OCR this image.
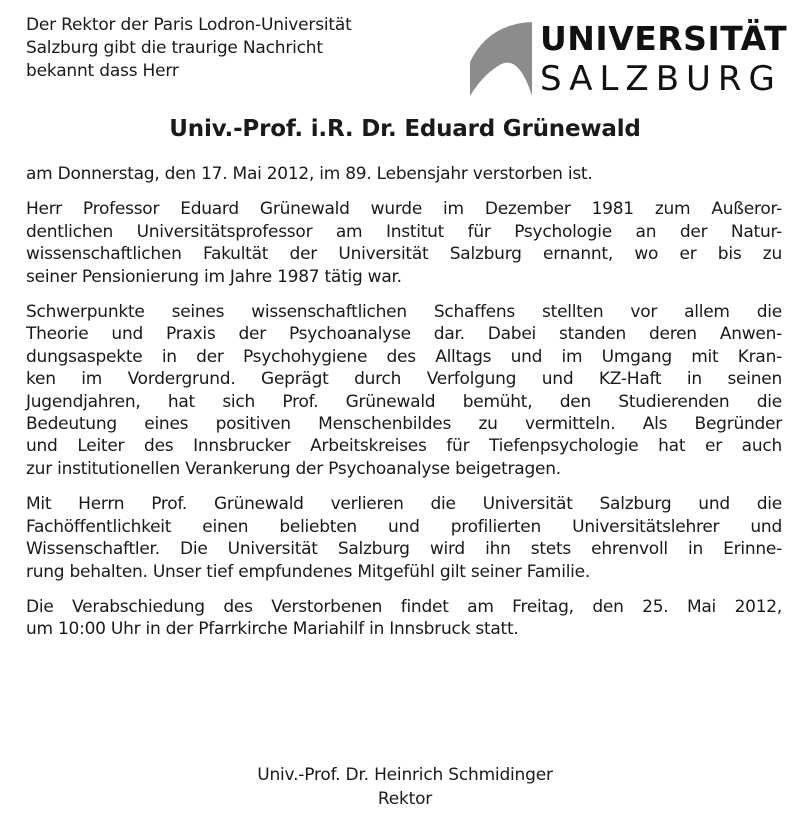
Der Rektor der Paris Lodron-Universität
Salzburg gibt die traurige Nachricht
bekannt dass Herr
UNIVERSITÄT
SALZBURG
Univ.-Prof. i.R. Dr. Eduard Grünewald

am Donnerstag, den 17. Mai 2012, im 89. Lebensjahr verstorben ist.

Herr Professor Eduard Grünewald wurde im Dezember 1981 zum Außeror-
dentlichen Universitätsprofessor am Institut für Psychologie an der Natur-
wissenschaftlichen Fakultät der Universität Salzburg ernannt, wo er bis zu
seiner Pensionierung im Jahre 1987 tätig war.

Schwerpunkte seines wissenschaftlichen Schaffens stellten vor allem die
Theorie und Praxis der Psychoanalyse dar. Dabei standen deren Anwen-
dungsaspekte in der Psychohygiene des Alltags und im Umgang mit Kran-
ken im Vordergrund. Geprägt durch Verfolgung und KZ-Haft in seinen
Jugendjahren, hat sich Prof. Grünewald bemüht, den Studierenden die
Bedeutung eines positiven Menschenbildes zu vermitteln. Als Begründer
und Leiter des Innsbrucker Arbeitskreises für Tiefenpsychologie hat er auch
zur institutionellen Verankerung der Psychoanalyse beigetragen.

Mit Herrn Prof. Grünewald verlieren die Universität Salzburg und die
Fachöffentlichkeit einen beliebten und profilierten Universitätslehrer und
Wissenschaftler. Die Universität Salzburg wird ihn stets ehrenvoll in Erinne-
rung behalten. Unser tief empfundenes Mitgefühl gilt seiner Familie.

Die Verabschiedung des Verstorbenen findet am Freitag, den 25. Mai 2012,
um 10:00 Uhr in der Pfarrkirche Mariahilf in Innsbruck statt.

Univ.-Prof. Dr. Heinrich Schmidinger
Rektor
